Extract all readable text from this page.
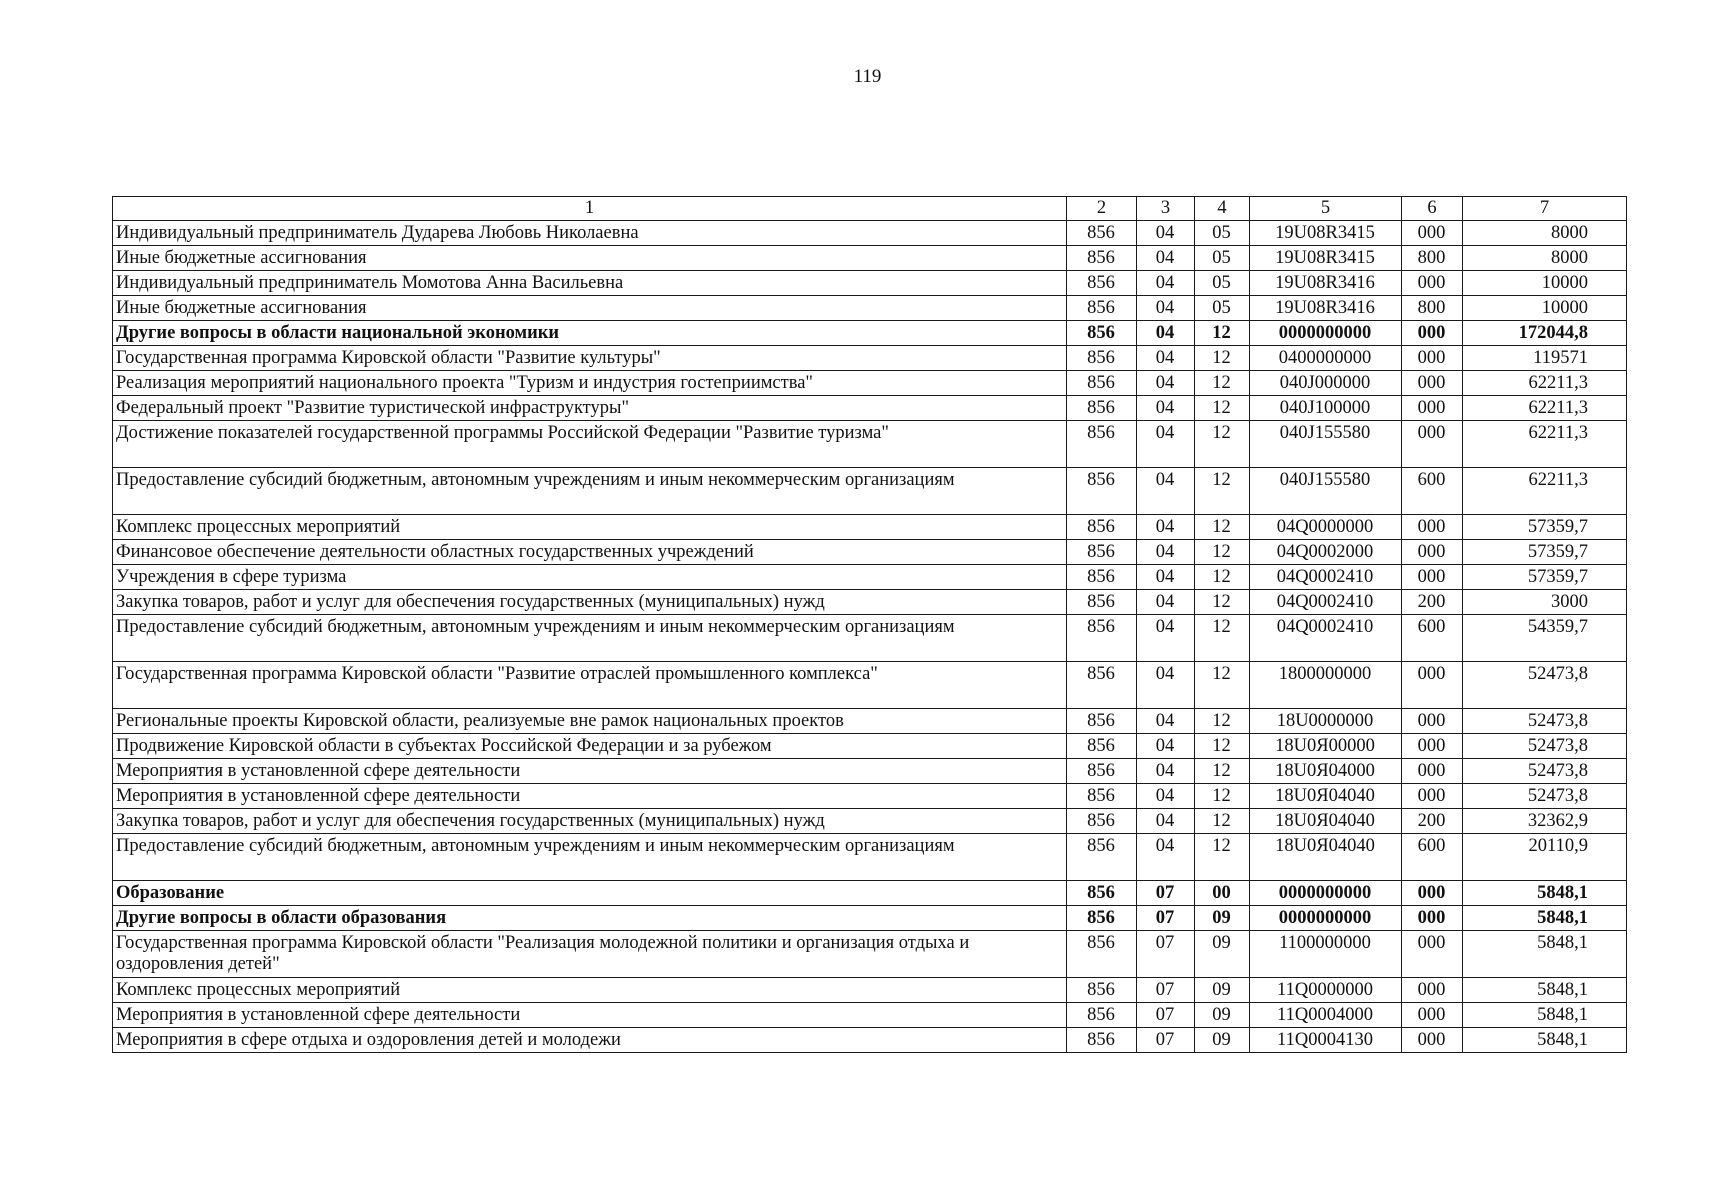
119
1	2	3	4	5	6	7
Индивидуальный предприниматель Дударева Любовь Николаевна	856	04	05	19U08R3415	000	8000
Иные бюджетные ассигнования	856	04	05	19U08R3415	800	8000
Индивидуальный предприниматель Момотова Анна Васильевна	856	04	05	19U08R3416	000	10000
Иные бюджетные ассигнования	856	04	05	19U08R3416	800	10000
Другие вопросы в области национальной экономики	856	04	12	0000000000	000	172044,8
Государственная программа Кировской области "Развитие культуры"	856	04	12	0400000000	000	119571
Реализация мероприятий национального проекта "Туризм и индустрия гостеприимства"	856	04	12	040J000000	000	62211,3
Федеральный проект "Развитие туристической инфраструктуры"	856	04	12	040J100000	000	62211,3
Достижение показателей государственной программы Российской Федерации "Развитие туризма"	856	04	12	040J155580	000	62211,3
Предоставление субсидий бюджетным, автономным учреждениям и иным некоммерческим организациям	856	04	12	040J155580	600	62211,3
Комплекс процессных мероприятий	856	04	12	04Q0000000	000	57359,7
Финансовое обеспечение деятельности областных государственных учреждений	856	04	12	04Q0002000	000	57359,7
Учреждения в сфере туризма	856	04	12	04Q0002410	000	57359,7
Закупка товаров, работ и услуг для обеспечения государственных (муниципальных) нужд	856	04	12	04Q0002410	200	3000
Предоставление субсидий бюджетным, автономным учреждениям и иным некоммерческим организациям	856	04	12	04Q0002410	600	54359,7
Государственная программа Кировской области "Развитие отраслей промышленного комплекса"	856	04	12	1800000000	000	52473,8
Региональные проекты Кировской области, реализуемые вне рамок национальных проектов	856	04	12	18U0000000	000	52473,8
Продвижение Кировской области в субъектах Российской Федерации и за рубежом	856	04	12	18U0Я00000	000	52473,8
Мероприятия в установленной сфере деятельности	856	04	12	18U0Я04000	000	52473,8
Мероприятия в установленной сфере деятельности	856	04	12	18U0Я04040	000	52473,8
Закупка товаров, работ и услуг для обеспечения государственных (муниципальных) нужд	856	04	12	18U0Я04040	200	32362,9
Предоставление субсидий бюджетным, автономным учреждениям и иным некоммерческим организациям	856	04	12	18U0Я04040	600	20110,9
Образование	856	07	00	0000000000	000	5848,1
Другие вопросы в области образования	856	07	09	0000000000	000	5848,1
Государственная программа Кировской области "Реализация молодежной политики и организация отдыха и оздоровления детей"	856	07	09	1100000000	000	5848,1
Комплекс процессных мероприятий	856	07	09	11Q0000000	000	5848,1
Мероприятия в установленной сфере деятельности	856	07	09	11Q0004000	000	5848,1
Мероприятия в сфере отдыха и оздоровления детей и молодежи	856	07	09	11Q0004130	000	5848,1
